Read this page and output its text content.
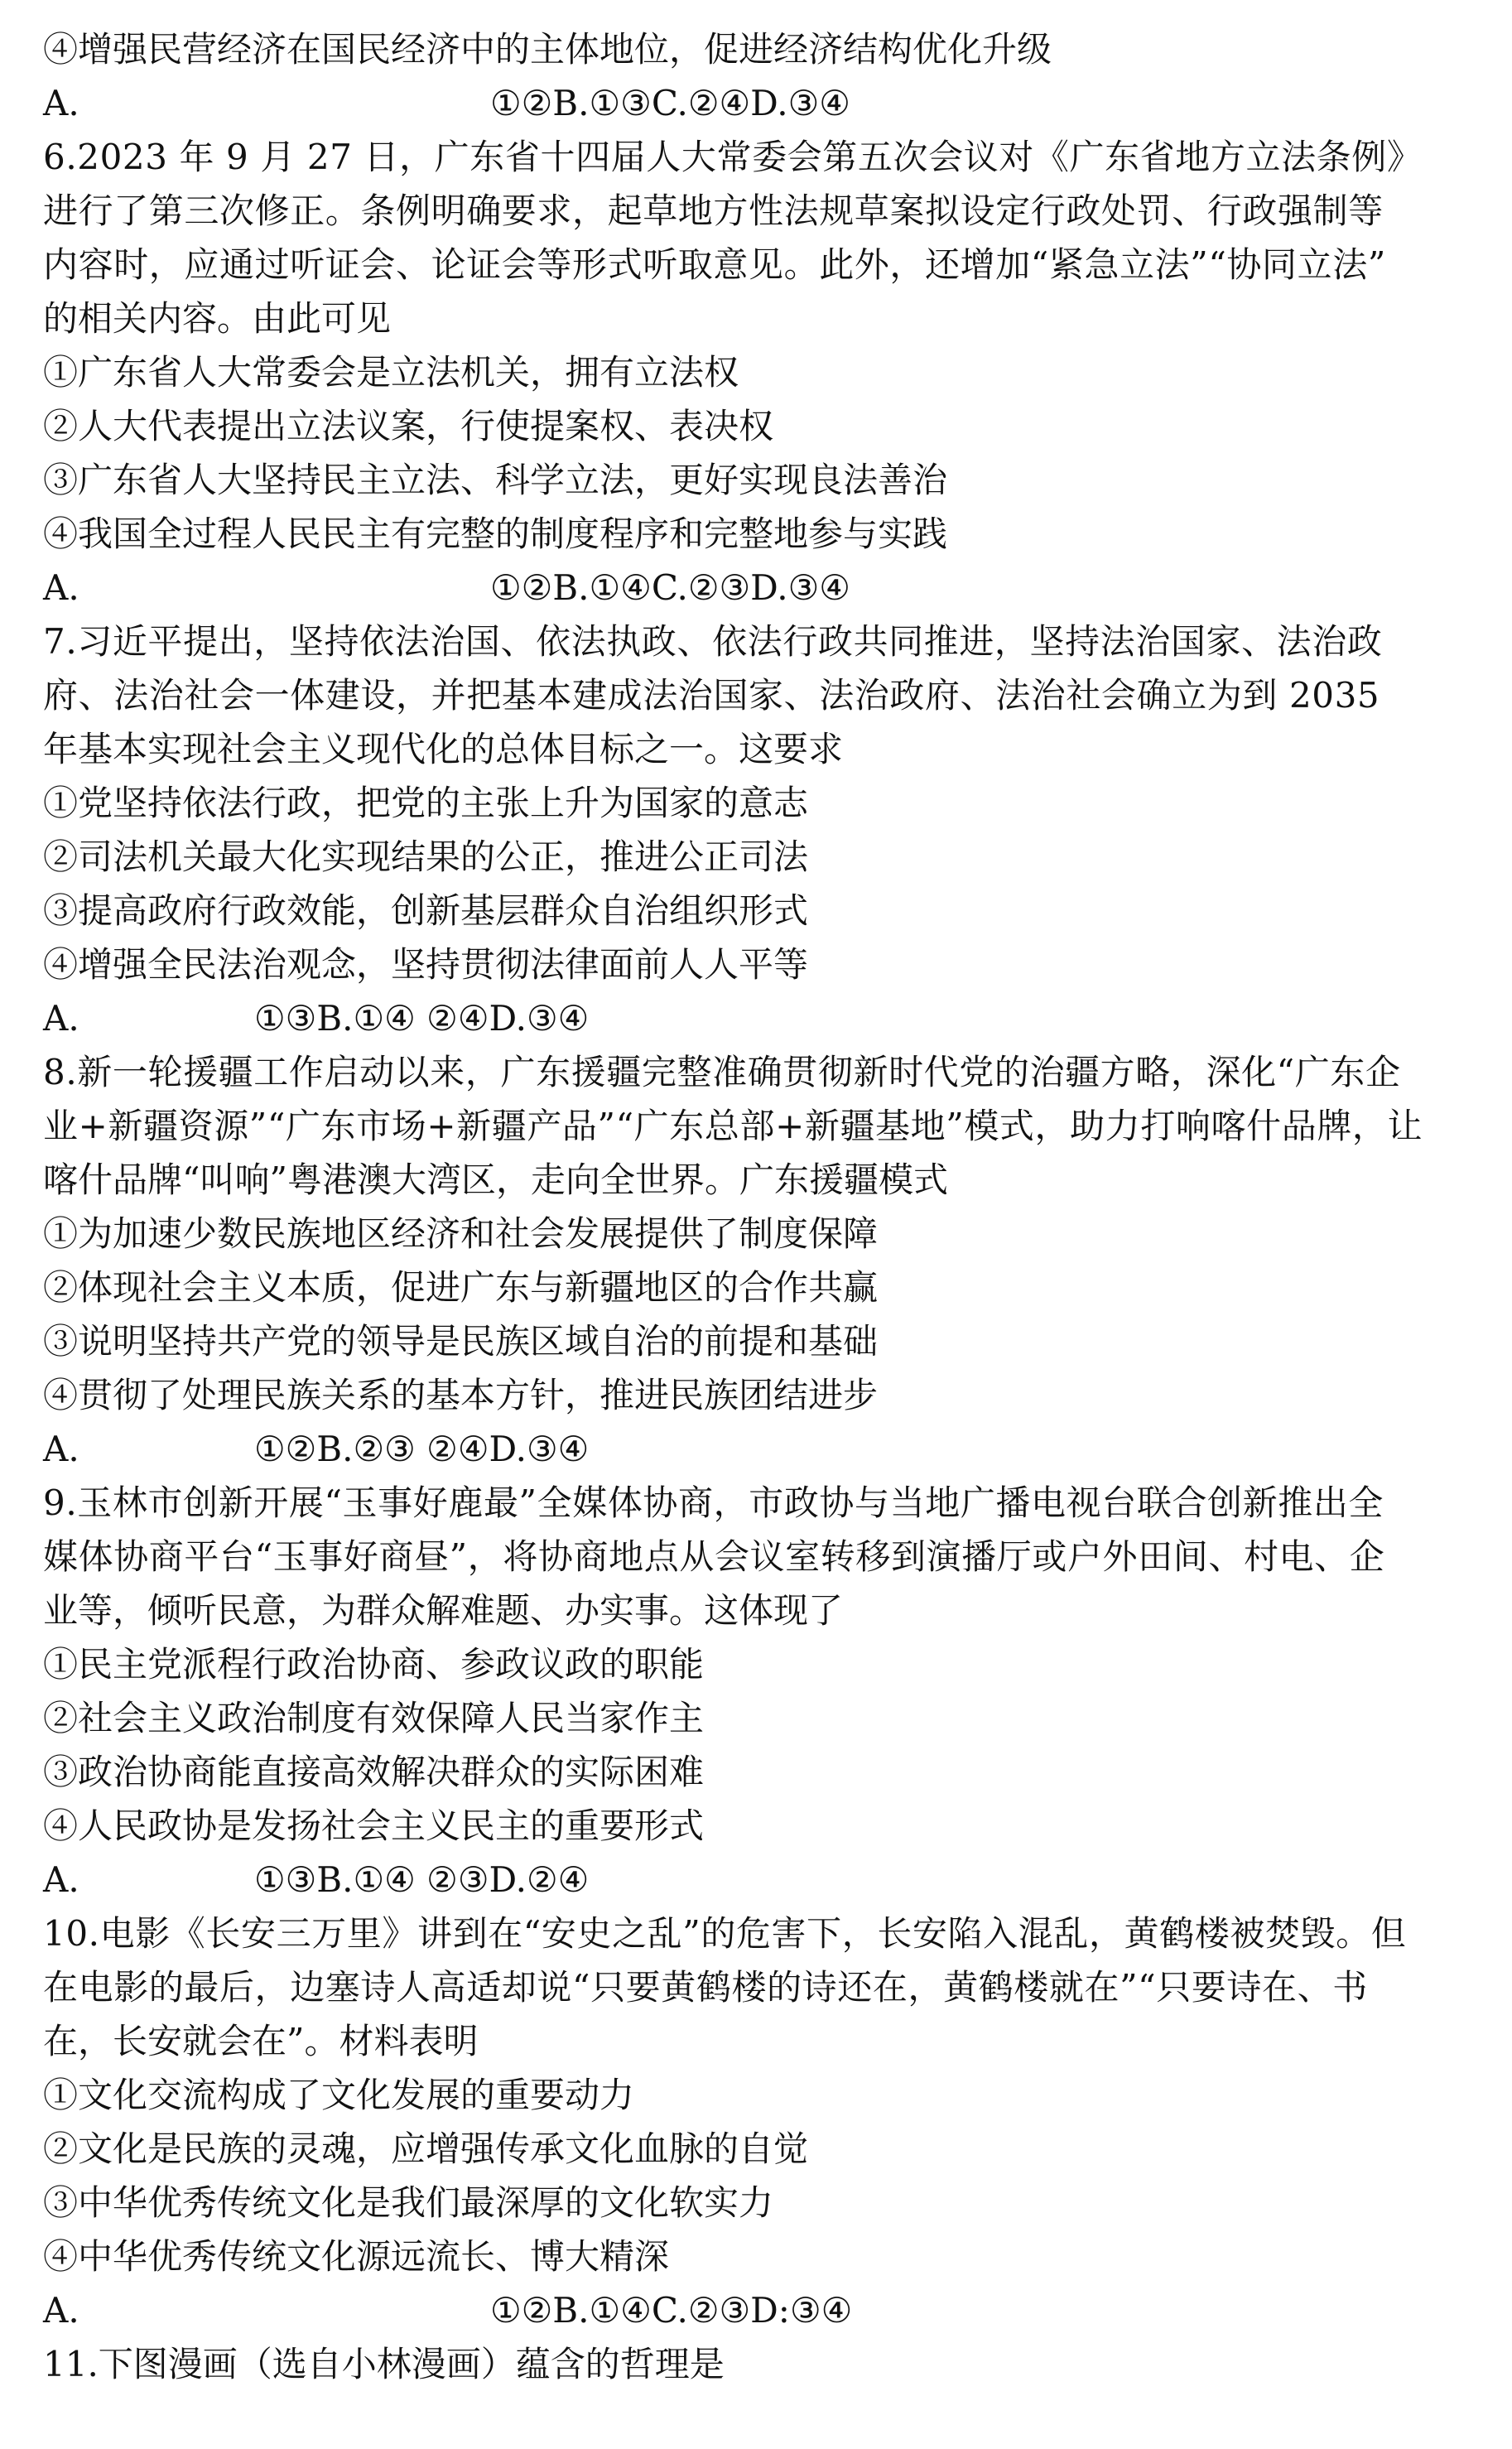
④增强民营经济在国民经济中的主体地位，促进经济结构优化升级
A.	①②B.①③C.②④D.③④
6.2023 年 9 月 27 日，广东省十四届人大常委会第五次会议对《广东省地方立法条例》
进行了第三次修正。条例明确要求，起草地方性法规草案拟设定行政处罚、行政强制等
内容时，应通过听证会、论证会等形式听取意见。此外，还增加“紧急立法”“协同立法”
的相关内容。由此可见
①广东省人大常委会是立法机关，拥有立法权
②人大代表提出立法议案，行使提案权、表决权
③广东省人大坚持民主立法、科学立法，更好实现良法善治
④我国全过程人民民主有完整的制度程序和完整地参与实践
A.	①②B.①④C.②③D.③④
7.习近平提出，坚持依法治国、依法执政、依法行政共同推进，坚持法治国家、法治政
府、法治社会一体建设，并把基本建成法治国家、法治政府、法治社会确立为到 2035
年基本实现社会主义现代化的总体目标之一。这要求
①党坚持依法行政，把党的主张上升为国家的意志
②司法机关最大化实现结果的公正，推进公正司法
③提高政府行政效能，创新基层群众自治组织形式
④增强全民法治观念，坚持贯彻法律面前人人平等
A.	①③B.①④ ②④D.③④
8.新一轮援疆工作启动以来，广东援疆完整准确贯彻新时代党的治疆方略，深化“广东企
业+新疆资源”“广东市场+新疆产品”“广东总部+新疆基地”模式，助力打响喀什品牌，让
喀什品牌“叫响”粤港澳大湾区，走向全世界。广东援疆模式
①为加速少数民族地区经济和社会发展提供了制度保障
②体现社会主义本质，促进广东与新疆地区的合作共赢
③说明坚持共产党的领导是民族区域自治的前提和基础
④贯彻了处理民族关系的基本方针，推进民族团结进步
A.	①②B.②③ ②④D.③④
9.玉林市创新开展“玉事好鹿最”全媒体协商，市政协与当地广播电视台联合创新推出全
媒体协商平台“玉事好商昼”，将协商地点从会议室转移到演播厅或户外田间、村电、企
业等，倾听民意，为群众解难题、办实事。这体现了
①民主党派程行政治协商、参政议政的职能
②社会主义政治制度有效保障人民当家作主
③政治协商能直接高效解决群众的实际困难
④人民政协是发扬社会主义民主的重要形式
A.	①③B.①④ ②③D.②④
10.电影《长安三万里》讲到在“安史之乱”的危害下，长安陷入混乱，黄鹤楼被焚毁。但
在电影的最后，边塞诗人高适却说“只要黄鹤楼的诗还在，黄鹤楼就在”“只要诗在、书
在，长安就会在”。材料表明
①文化交流构成了文化发展的重要动力
②文化是民族的灵魂，应增强传承文化血脉的自觉
③中华优秀传统文化是我们最深厚的文化软实力
④中华优秀传统文化源远流长、博大精深
A.	①②B.①④C.②③D:③④
11.下图漫画（选自小林漫画）蕴含的哲理是
